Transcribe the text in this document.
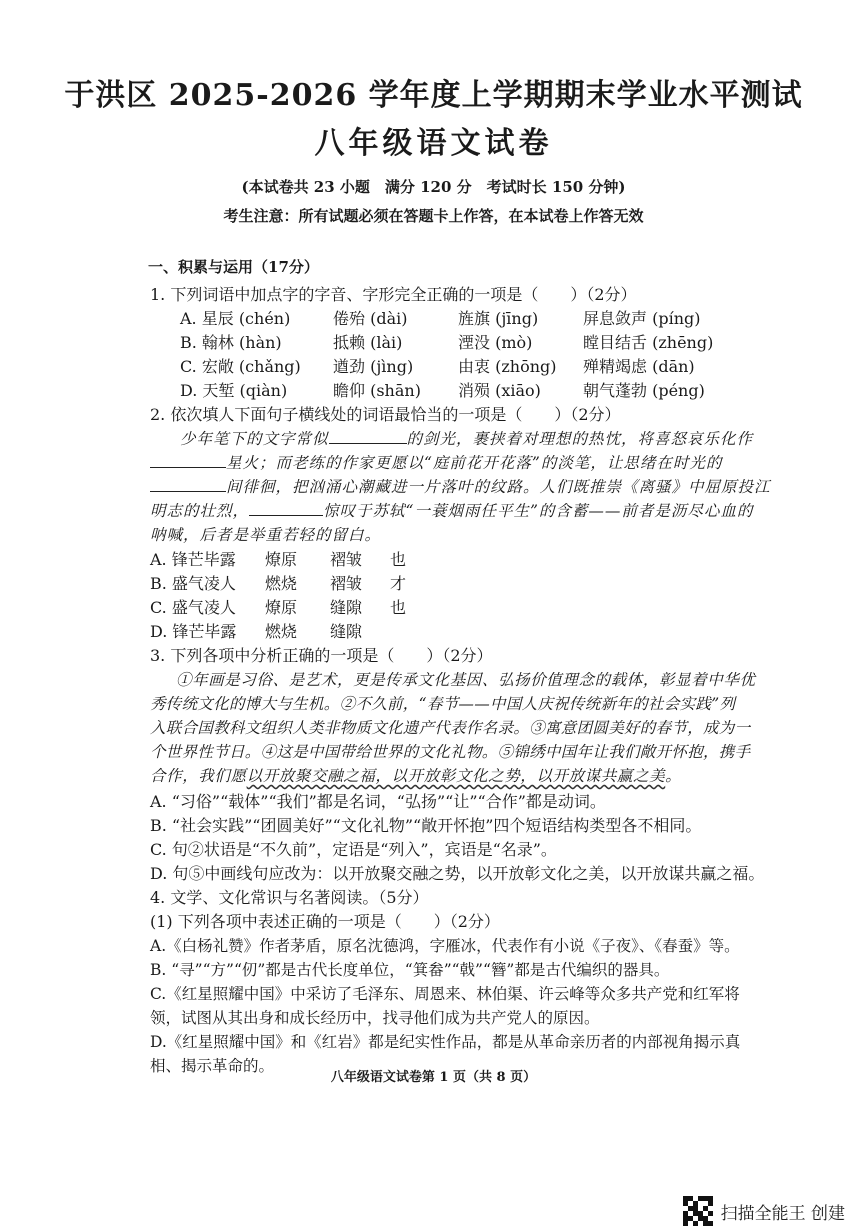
于洪区 2025-2026 学年度上学期期末学业水平测试
八年级语文试卷
(本试卷共 23 小题　满分 120 分　考试时长 150 分钟)
考生注意：所有试题必须在答题卡上作答，在本试卷上作答无效
一、积累与运用（17分）
1. 下列词语中加点字的字音、字形完全正确的一项是（　　）（2分）
A. 星辰 (chén)	倦殆 (dài)	旌旗 (jīng)	屏息敛声 (píng)
B. 翰林 (hàn)	抵赖 (lài)	湮没 (mò)	瞠目结舌 (zhēng)
C. 宏敞 (chǎng) 遒劲 (jìng)	由衷 (zhōng) 殚精竭虑 (dān)
D. 天堑 (qiàn)	瞻仰 (shān) 消殒 (xiāo)	朝气蓬勃 (péng)
2. 依次填人下面句子横线处的词语最恰当的一项是（　　）（2分）
少年笔下的文字常似	的剑光，裹挟着对理想的热忱，将喜怒哀乐化作
星火；而老练的作家更愿以“庭前花开花落”的淡笔，让思绪在时光的
间徘徊，把汹涌心潮藏进一片落叶的纹路。人们既推崇《离骚》中屈原投江
明志的壮烈，	惊叹于苏轼“一蓑烟雨任平生”的含蓄——前者是沥尽心血的
呐喊，后者是举重若轻的留白。
A. 锋芒毕露 燎原 褶皱 也
B. 盛气凌人 燃烧 褶皱 才
C. 盛气凌人 燎原 缝隙 也
D. 锋芒毕露 燃烧 缝隙
3. 下列各项中分析正确的一项是（　　）（2分）
①年画是习俗、是艺术，更是传承文化基因、弘扬价值理念的载体，彰显着中华优
秀传统文化的博大与生机。②不久前，“春节——中国人庆祝传统新年的社会实践”列
入联合国教科文组织人类非物质文化遗产代表作名录。③寓意团圆美好的春节，成为一
个世界性节日。④这是中国带给世界的文化礼物。⑤锦绣中国年让我们敞开怀抱，携手
合作，我们愿以开放聚交融之福，以开放彰文化之势，以开放谋共赢之美。
A. “习俗”“载体”“我们”都是名词，“弘扬”“让”“合作”都是动词。
B. “社会实践”“团圆美好”“文化礼物”“敞开怀抱”四个短语结构类型各不相同。
C. 句②状语是“不久前”，定语是“列入”，宾语是“名录”。
D. 句⑤中画线句应改为：以开放聚交融之势，以开放彰文化之美，以开放谋共赢之福。
4. 文学、文化常识与名著阅读。（5分）
(1) 下列各项中表述正确的一项是（　　）（2分）
A.《白杨礼赞》作者茅盾，原名沈德鸿，字雁冰，代表作有小说《子夜》、《春蚕》等。
B. “寻”“方”“仞”都是古代长度单位，“箕畚”“戟”“簪”都是古代编织的器具。
C.《红星照耀中国》中采访了毛泽东、周恩来、林伯渠、许云峰等众多共产党和红军将
领，试图从其出身和成长经历中，找寻他们成为共产党人的原因。
D.《红星照耀中国》和《红岩》都是纪实性作品，都是从革命亲历者的内部视角揭示真
相、揭示革命的。
八年级语文试卷第 1 页（共 8 页）
扫描全能王 创建
